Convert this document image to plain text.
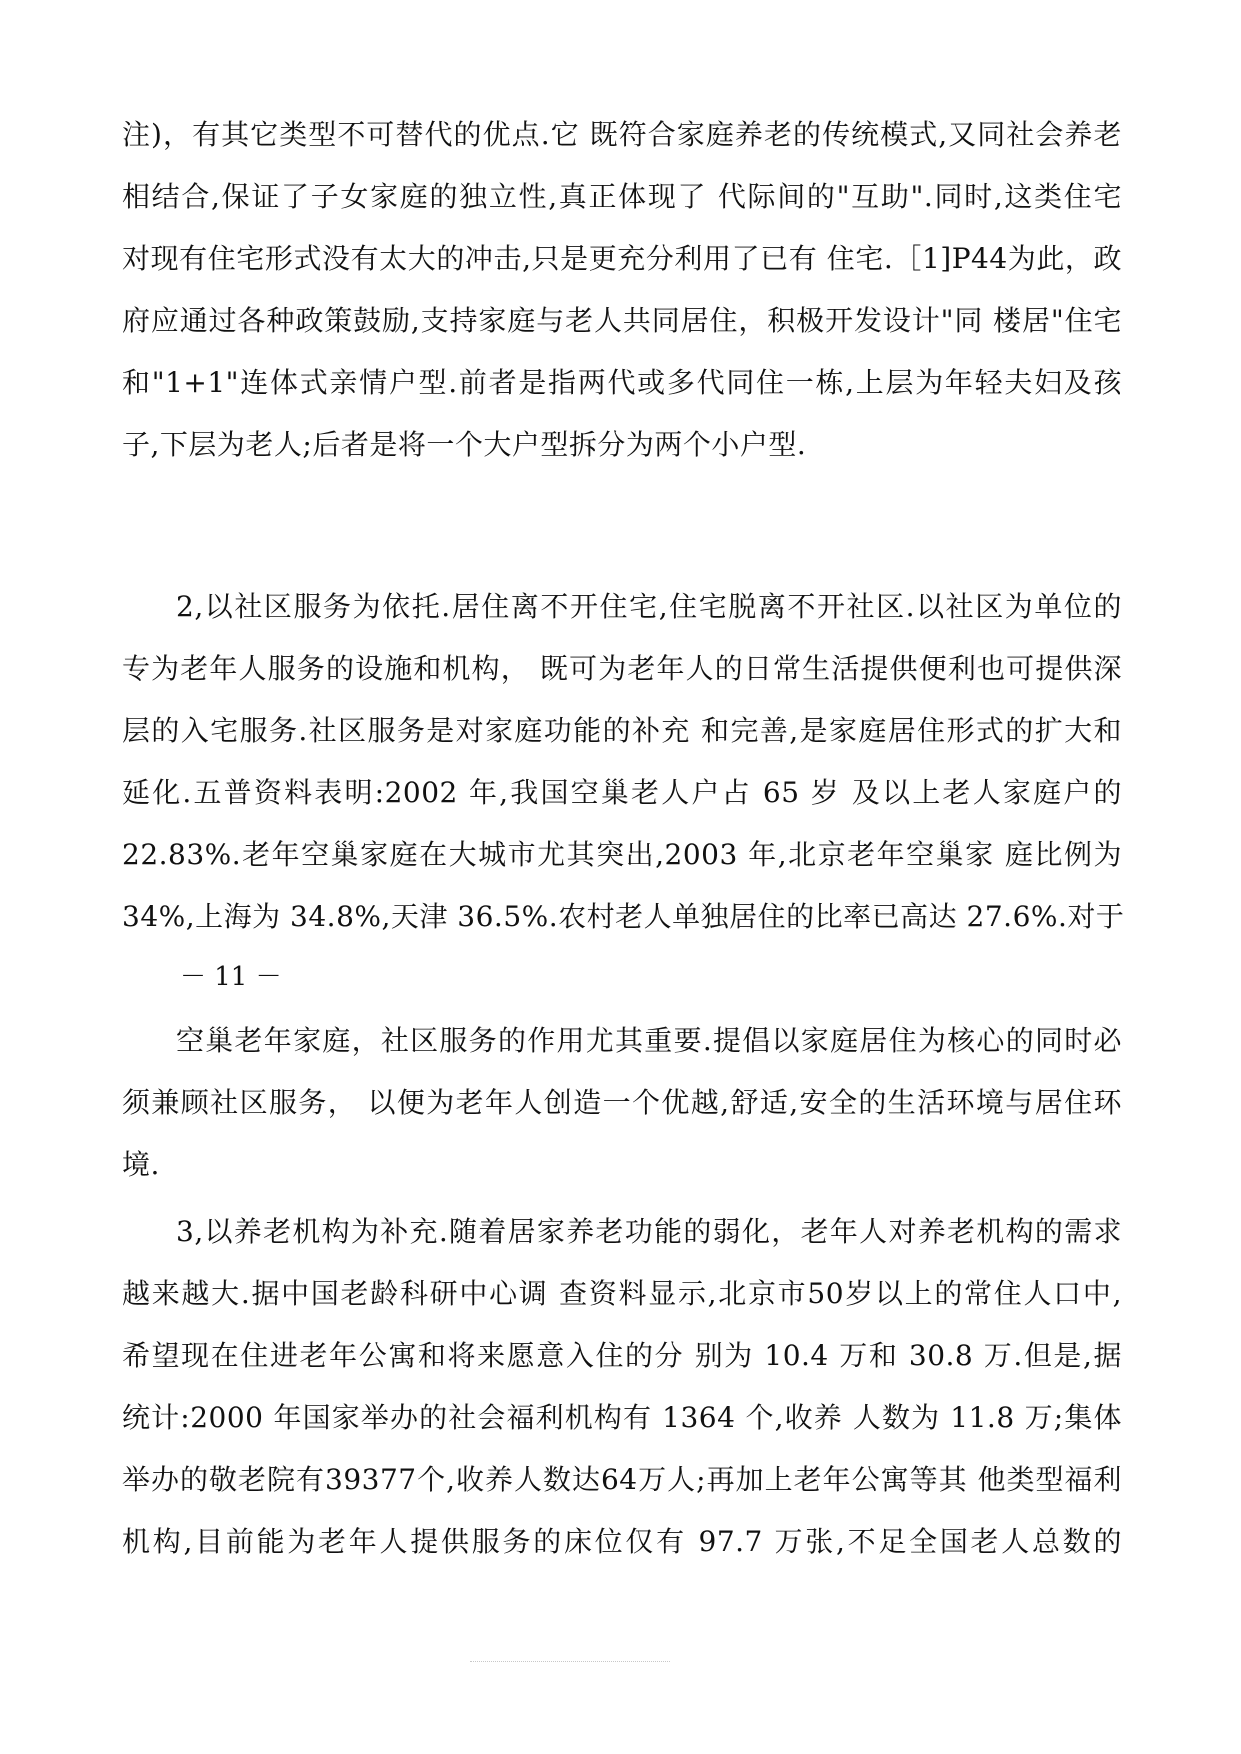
注)，有其它类型不可替代的优点.它 既符合家庭养老的传统模式,又同社会养老
相结合,保证了子女家庭的独立性,真正体现了 代际间的"互助".同时,这类住宅
对现有住宅形式没有太大的冲击,只是更充分利用了已有 住宅.［1]P44为此，政
府应通过各种政策鼓励,支持家庭与老人共同居住，积极开发设计"同 楼居"住宅
和"1+1"连体式亲情户型.前者是指两代或多代同住一栋,上层为年轻夫妇及孩
子,下层为老人;后者是将一个大户型拆分为两个小户型.
2,以社区服务为依托.居住离不开住宅,住宅脱离不开社区.以社区为单位的
专为老年人服务的设施和机构， 既可为老年人的日常生活提供便利也可提供深
层的入宅服务.社区服务是对家庭功能的补充 和完善,是家庭居住形式的扩大和
延化.五普资料表明:2002 年,我国空巢老人户占 65 岁 及以上老人家庭户的
22.83%.老年空巢家庭在大城市尤其突出,2003 年,北京老年空巢家 庭比例为
34%,上海为 34.8%,天津 36.5%.农村老人单独居住的比率已高达 27.6%.对于
－ 11 －
空巢老年家庭，社区服务的作用尤其重要.提倡以家庭居住为核心的同时必
须兼顾社区服务， 以便为老年人创造一个优越,舒适,安全的生活环境与居住环
境.
3,以养老机构为补充.随着居家养老功能的弱化，老年人对养老机构的需求
越来越大.据中国老龄科研中心调 查资料显示,北京市50岁以上的常住人口中,
希望现在住进老年公寓和将来愿意入住的分 别为 10.4 万和 30.8 万.但是,据
统计:2000 年国家举办的社会福利机构有 1364 个,收养 人数为 11.8 万;集体
举办的敬老院有39377个,收养人数达64万人;再加上老年公寓等其 他类型福利
机构,目前能为老年人提供服务的床位仅有 97.7 万张,不足全国老人总数的
